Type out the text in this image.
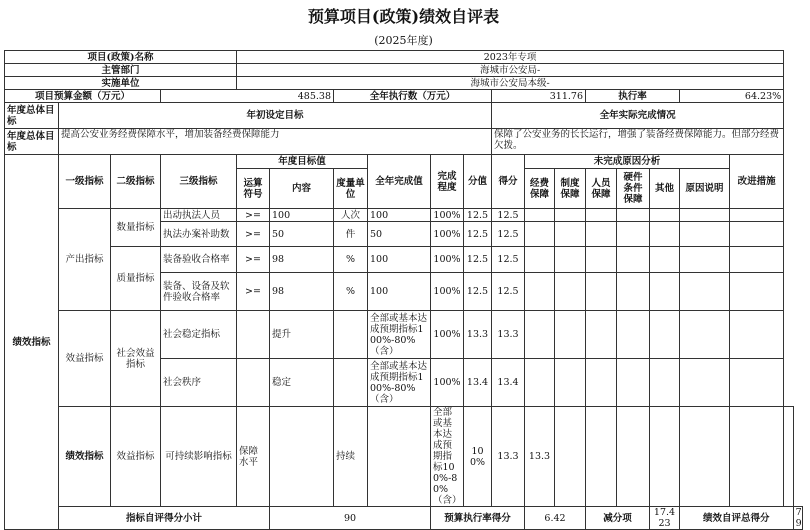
预算项目(政策)绩效自评表
(2025年度)
项目(政策)名称				2023年专项															
主管部门				海城市公安局-															
实施单位				海城市公安局本级-															
项目预算金额（万元）			485.38			全年执行数（万元）				311.76			执行率			64.23%			
年度总体目标	年初设定目标									全年实际完成情况									
年度总体目标	提高公安业务经费保障水平，增加装备经费保障能力									保障了公安业务的长长运行，增强了装备经费保障能力。但部分经费欠拨。									
绩效指标	一级指标	二级指标	三级指标	年度目标值			全年完成值	完成程度	分值	得分	未完成原因分析						改进措施		
				运算符号	内容	度量单位					经费保障	制度保障	人员保障	硬件条件保障	其他	原因说明			
	产出指标	数量指标	出动执法人员	>=	100	人次	100	100%	12.5	12.5									
			执法办案补助数	>=	50	件	50	100%	12.5	12.5									
		质量指标	装备验收合格率	>=	98	%	100	100%	12.5	12.5									
			装备、设备及软件验收合格率	>=	98	%	100	100%	12.5	12.5									
	效益指标	社会效益指标	社会稳定指标		提升		全部或基本达成预期指标100%-80%（含）	100%	13.3	13.3									
			社会秩序		稳定		全部或基本达成预期指标100%-80%（含）	100%	13.4	13.4									
	绩效指标	效益指标	可持续影响指标	保障水平		持续		全部或基本达成预期指标100%-80%（含）	100%	13.3	13.3								
	指标自评得分小计				90			预算执行率得分			6.42		减分项		17.423	绩效自评总得分			79
